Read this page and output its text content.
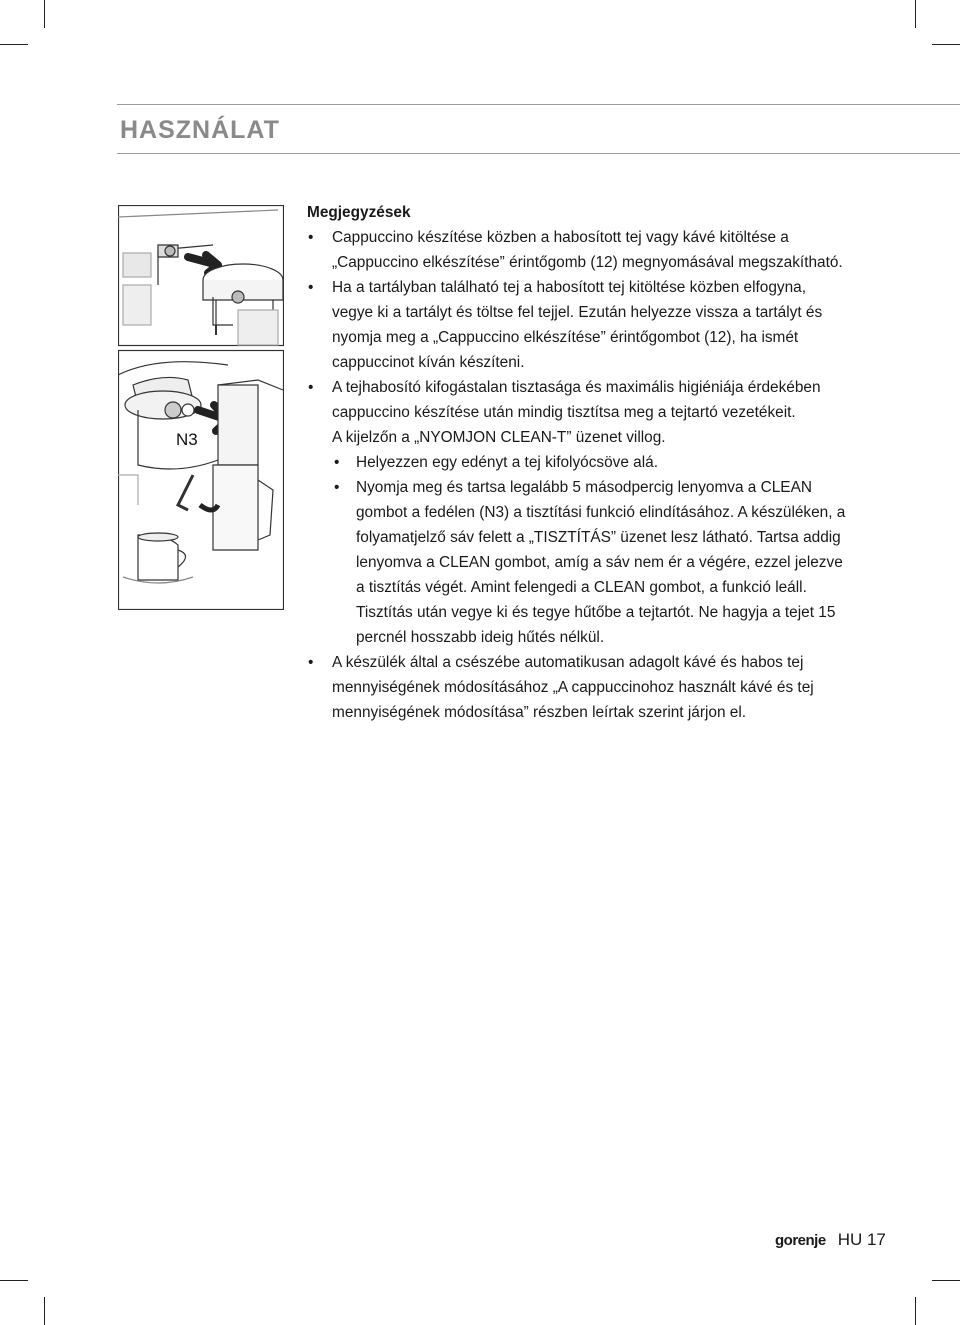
HASZNÁLAT
N3
Megjegyzések
• Cappuccino készítése közben a habosított tej vagy kávé kitöltése a „Cappuccino elkészítése” érintőgomb (12) megnyomásával megszakítható.
• Ha a tartályban található tej a habosított tej kitöltése közben elfogyna, vegye ki a tartályt és töltse fel tejjel. Ezután helyezze vissza a tartályt és nyomja meg a „Cappuccino elkészítése” érintőgombot (12), ha ismét cappuccinot kíván készíteni.
• A tejhabosító kifogástalan tisztasága és maximális higiéniája érdekében cappuccino készítése után mindig tisztítsa meg a tejtartó vezetékeit.
A kijelzőn a „NYOMJON CLEAN-T” üzenet villog.
• Helyezzen egy edényt a tej kifolyócsöve alá.
• Nyomja meg és tartsa legalább 5 másodpercig lenyomva a CLEAN gombot a fedélen (N3) a tisztítási funkció elindításához. A készüléken, a folyamatjelző sáv felett a „TISZTÍTÁS” üzenet lesz látható. Tartsa addig lenyomva a CLEAN gombot, amíg a sáv nem ér a végére, ezzel jelezve a tisztítás végét. Amint felengedi a CLEAN gombot, a funkció leáll. Tisztítás után vegye ki és tegye hűtőbe a tejtartót. Ne hagyja a tejet 15 percnél hosszabb ideig hűtés nélkül.
• A készülék által a csészébe automatikusan adagolt kávé és habos tej mennyiségének módosításához „A cappuccinohoz használt kávé és tej mennyiségének módosítása” részben leírtak szerint járjon el.
gorenje HU 17
